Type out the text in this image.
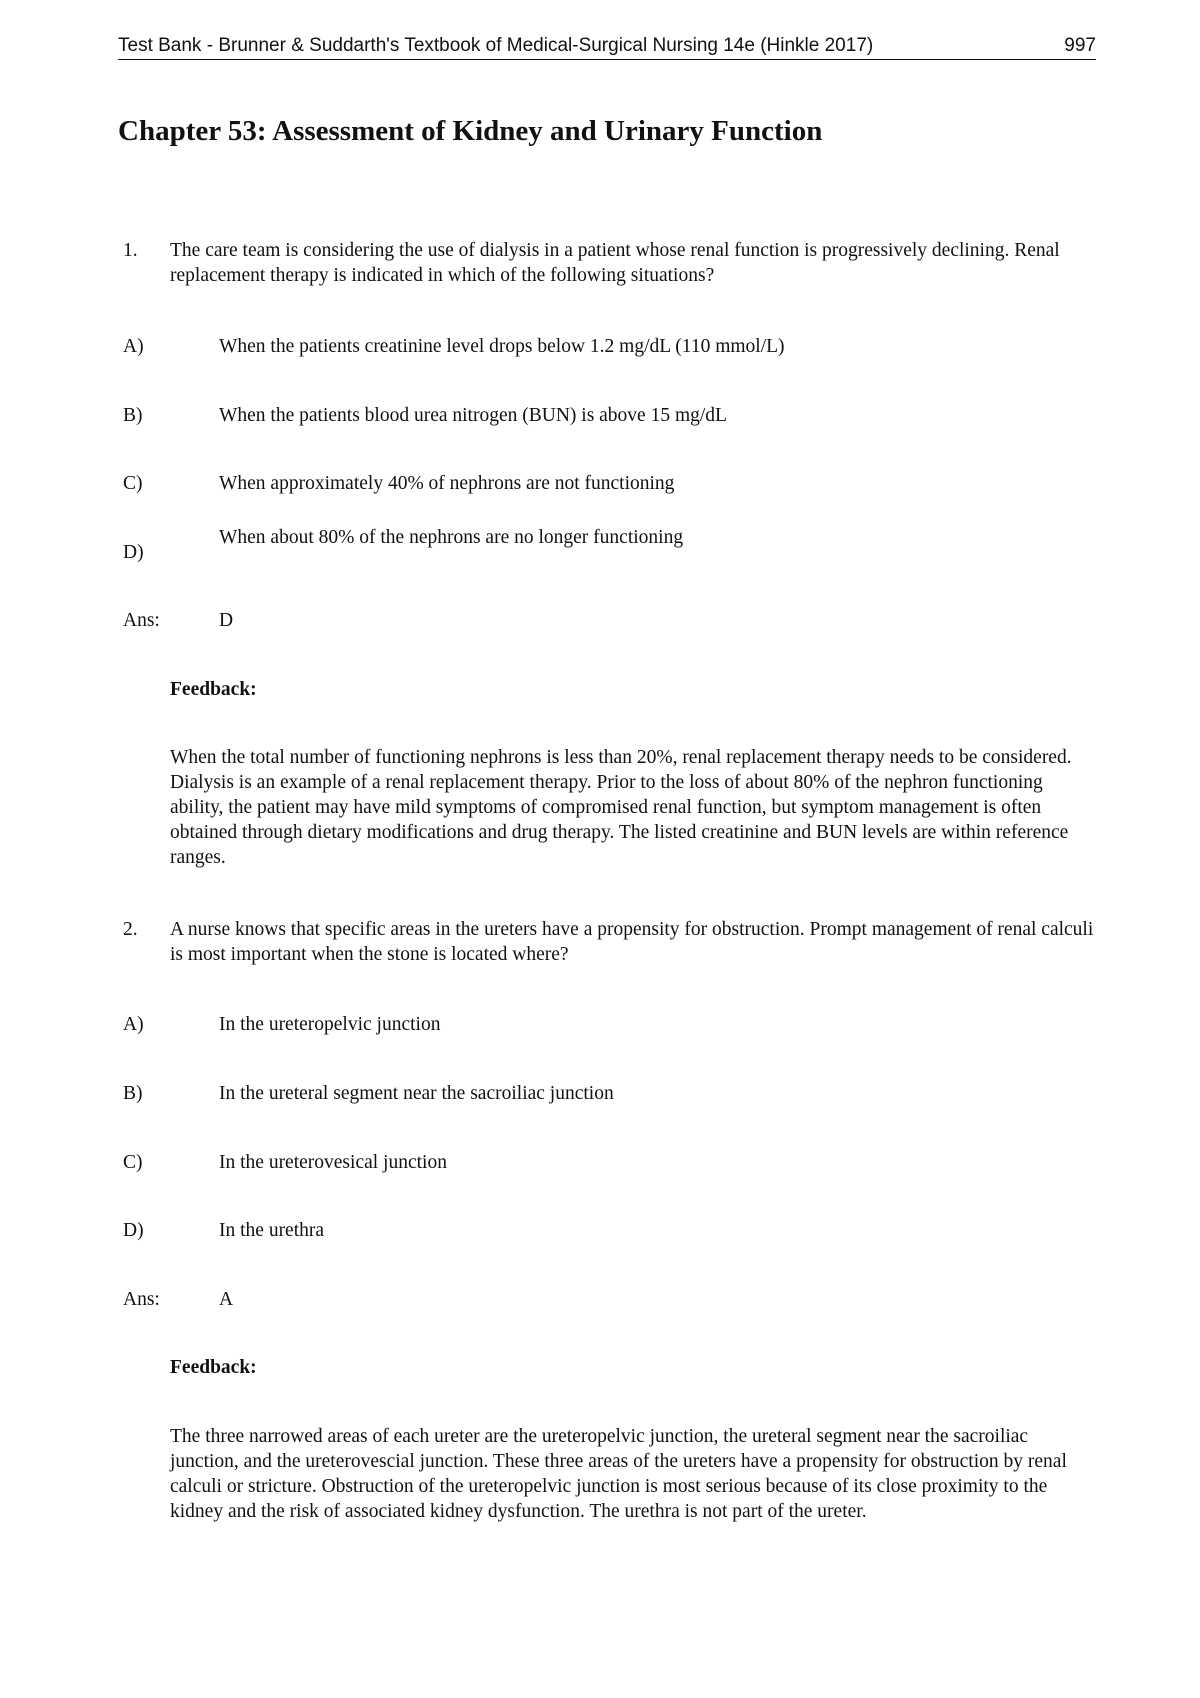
Test Bank - Brunner & Suddarth's Textbook of Medical-Surgical Nursing 14e (Hinkle 2017)	997
Chapter 53: Assessment of Kidney and Urinary Function
1. The care team is considering the use of dialysis in a patient whose renal function is progressively declining. Renal replacement therapy is indicated in which of the following situations?
A)	When the patients creatinine level drops below 1.2 mg/dL (110 mmol/L)
B)	When the patients blood urea nitrogen (BUN) is above 15 mg/dL
C)	When approximately 40% of nephrons are not functioning
D)
When about 80% of the nephrons are no longer functioning
Ans:	D
Feedback:
When the total number of functioning nephrons is less than 20%, renal replacement therapy needs to be considered. Dialysis is an example of a renal replacement therapy. Prior to the loss of about 80% of the nephron functioning ability, the patient may have mild symptoms of compromised renal function, but symptom management is often obtained through dietary modifications and drug therapy. The listed creatinine and BUN levels are within reference ranges.
2. A nurse knows that specific areas in the ureters have a propensity for obstruction. Prompt management of renal calculi is most important when the stone is located where?
A)	In the ureteropelvic junction
B)	In the ureteral segment near the sacroiliac junction
C)	In the ureterovesical junction
D)	In the urethra
Ans:	A
Feedback:
The three narrowed areas of each ureter are the ureteropelvic junction, the ureteral segment near the sacroiliac junction, and the ureterovescial junction. These three areas of the ureters have a propensity for obstruction by renal calculi or stricture. Obstruction of the ureteropelvic junction is most serious because of its close proximity to the kidney and the risk of associated kidney dysfunction. The urethra is not part of the ureter.
